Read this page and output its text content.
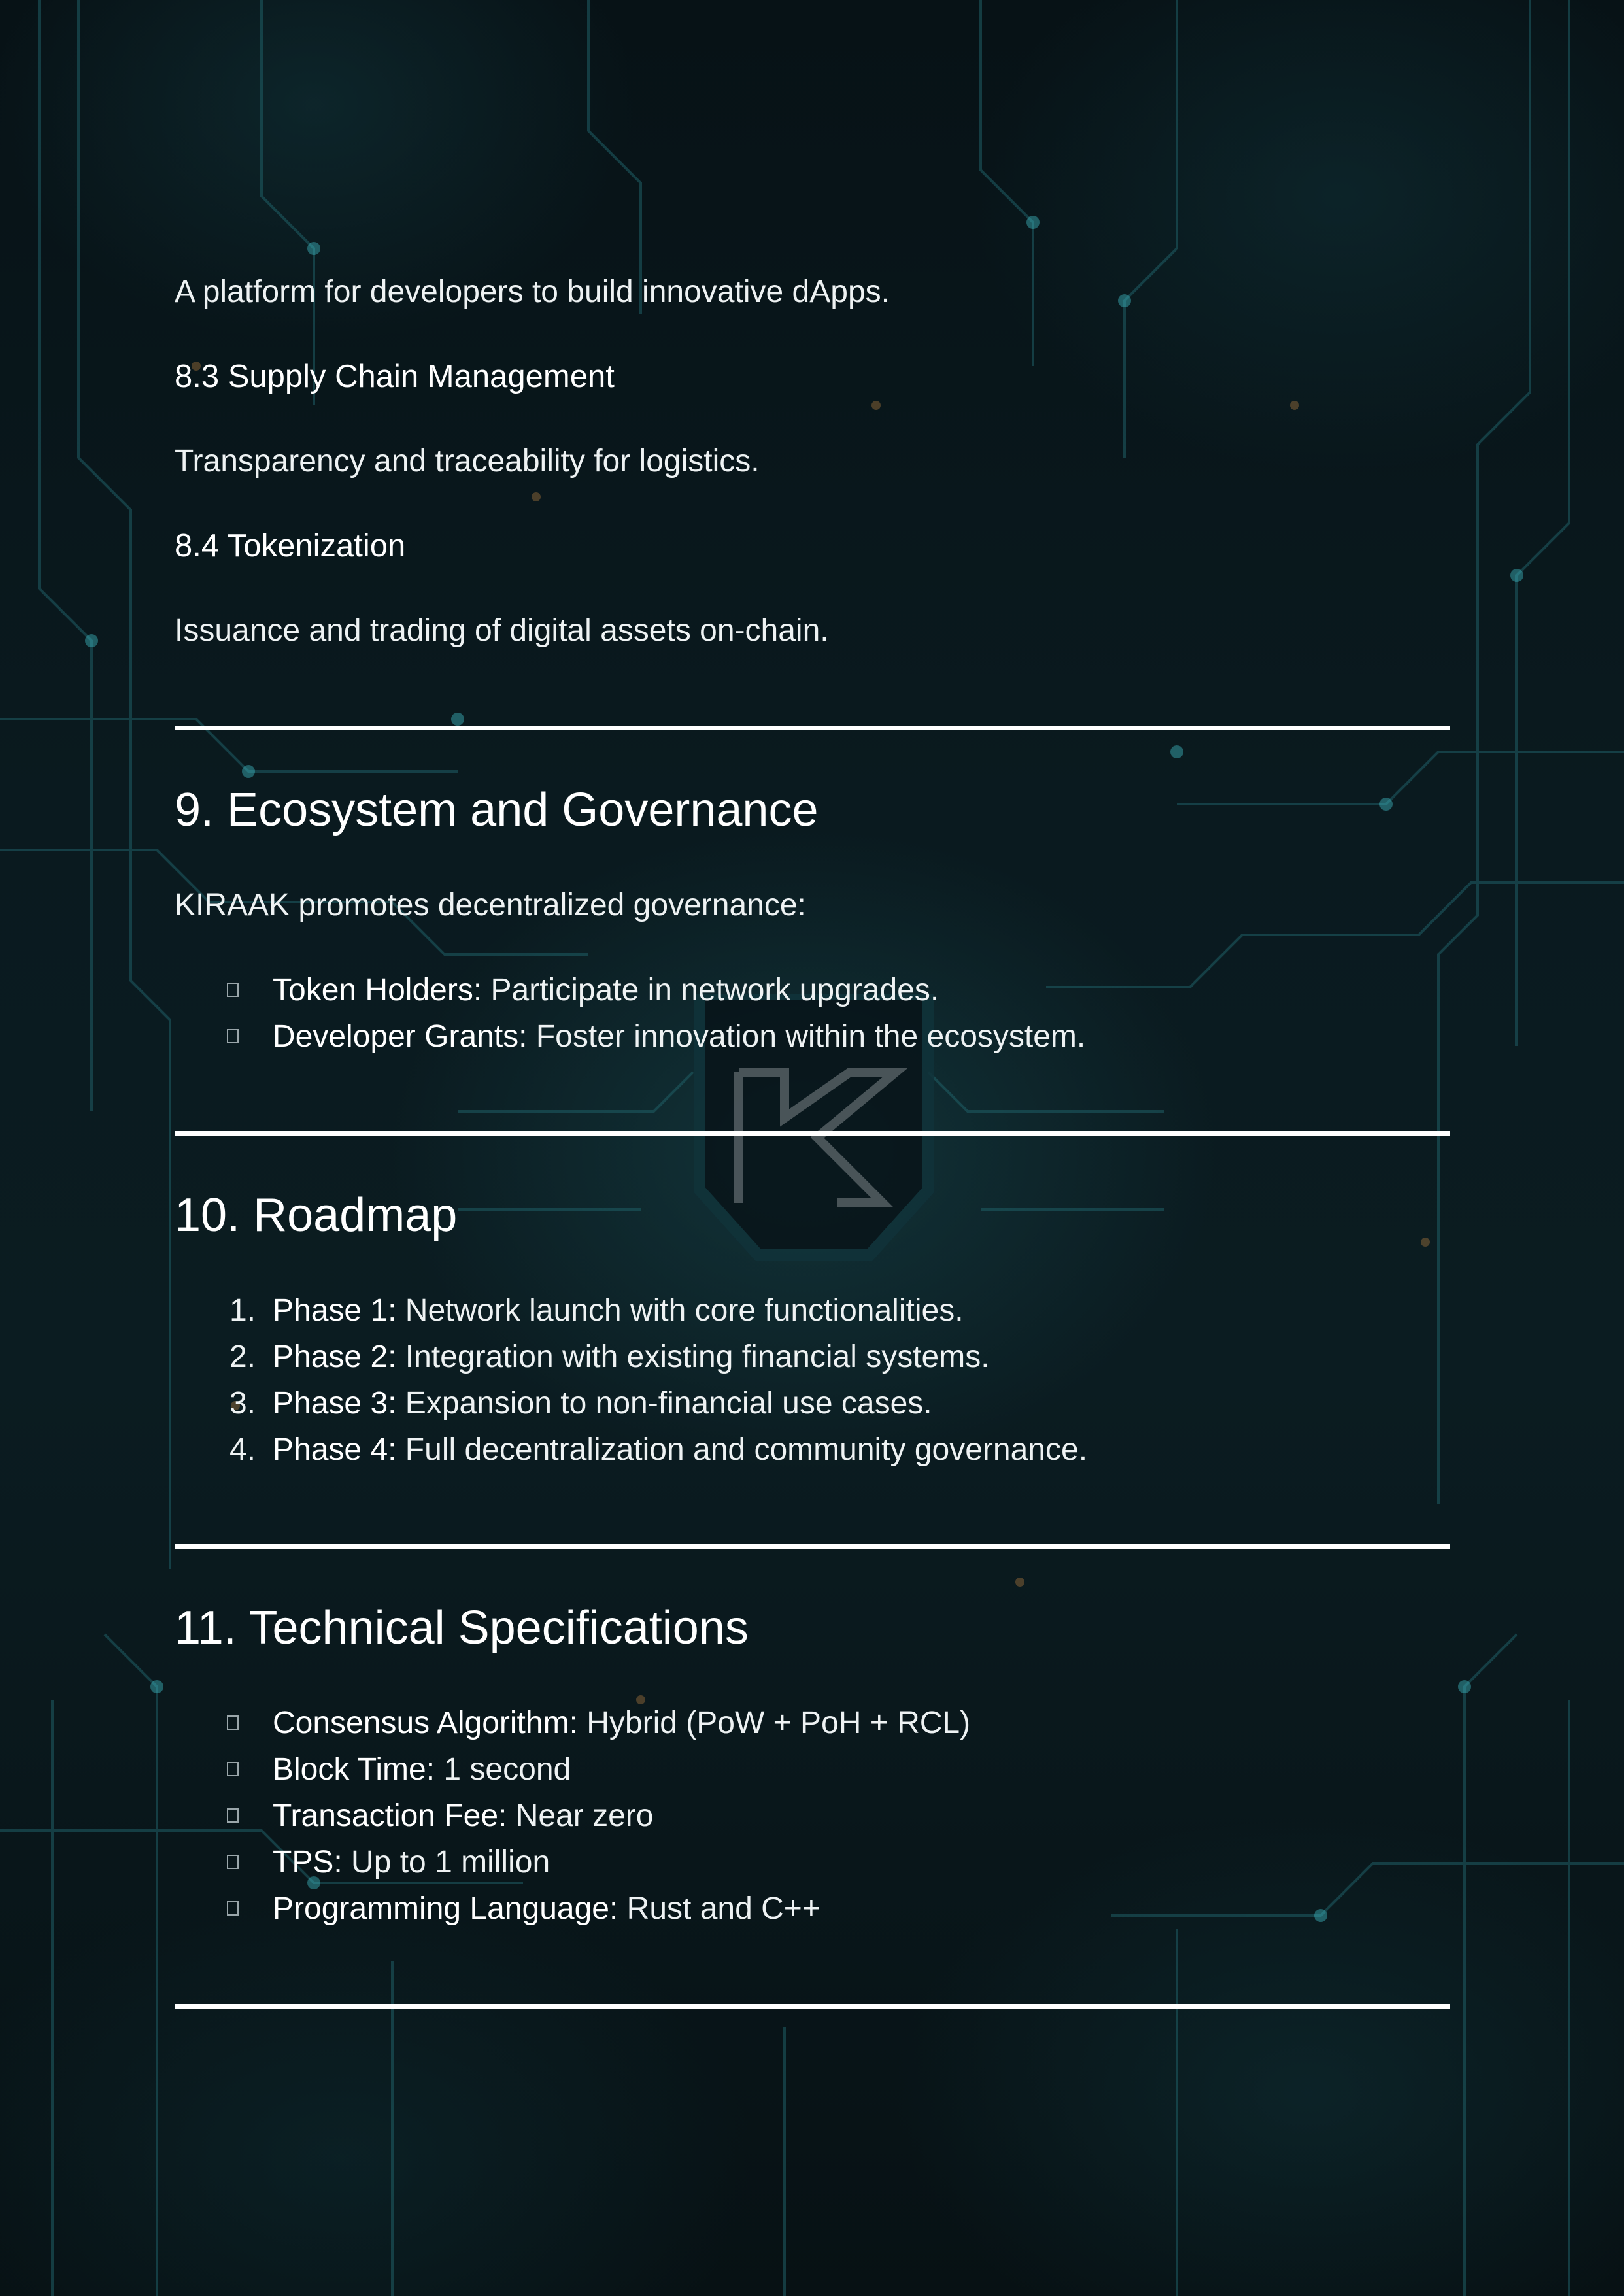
A platform for developers to build innovative dApps.
8.3 Supply Chain Management
Transparency and traceability for logistics.
8.4 Tokenization
Issuance and trading of digital assets on-chain.
9. Ecosystem and Governance
KIRAAK promotes decentralized governance:
Token Holders: Participate in network upgrades.
Developer Grants: Foster innovation within the ecosystem.
10. Roadmap
1. Phase 1: Network launch with core functionalities.
2. Phase 2: Integration with existing financial systems.
3. Phase 3: Expansion to non-financial use cases.
4. Phase 4: Full decentralization and community governance.
11. Technical Specifications
Consensus Algorithm: Hybrid (PoW + PoH + RCL)
Block Time: 1 second
Transaction Fee: Near zero
TPS: Up to 1 million
Programming Language: Rust and C++
